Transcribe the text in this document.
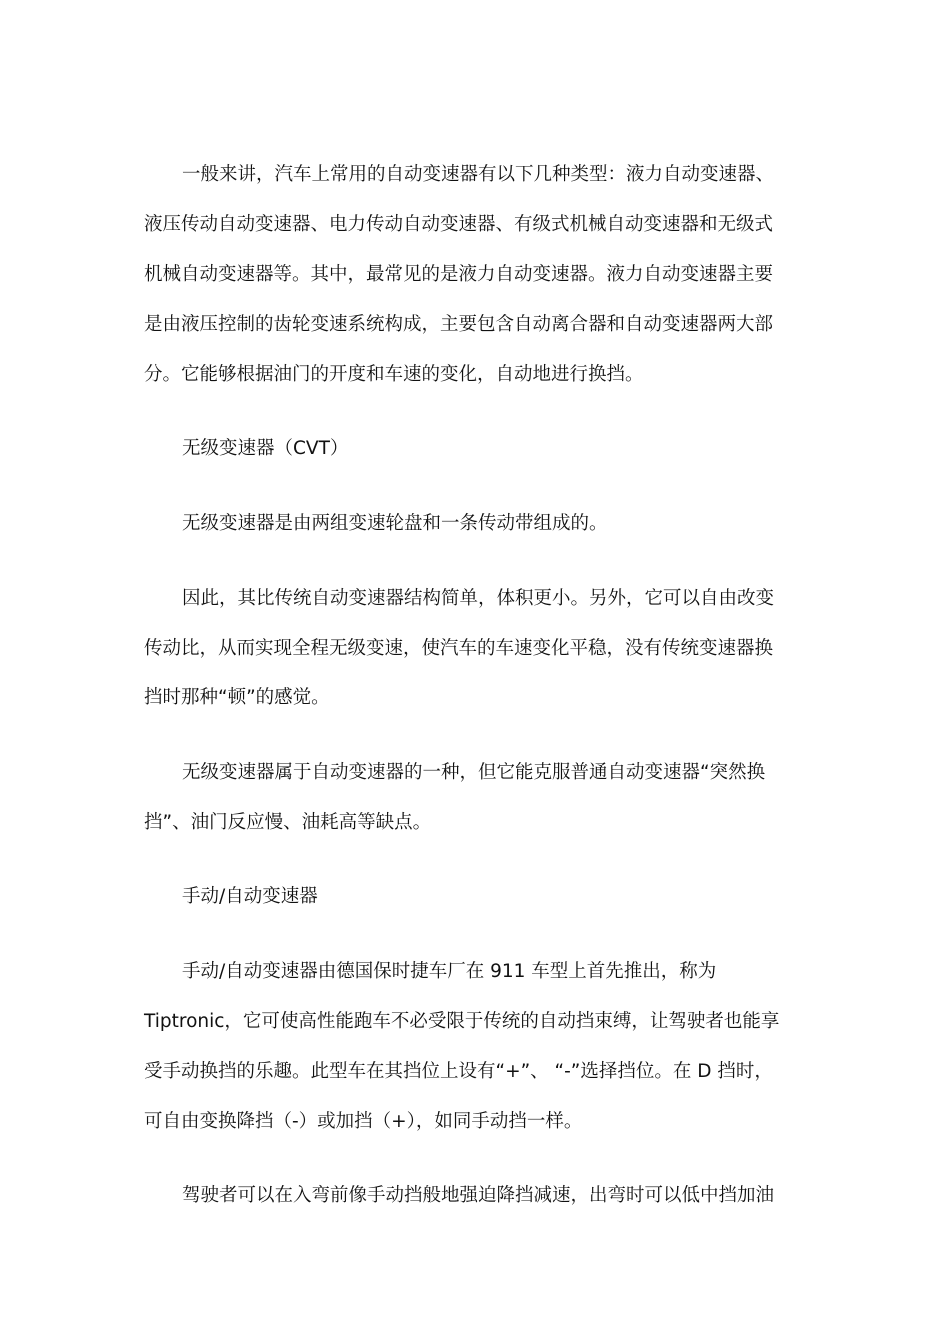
一般来讲，汽车上常用的自动变速器有以下几种类型：液力自动变速器、
液压传动自动变速器、电力传动自动变速器、有级式机械自动变速器和无级式
机械自动变速器等。其中，最常见的是液力自动变速器。液力自动变速器主要
是由液压控制的齿轮变速系统构成，主要包含自动离合器和自动变速器两大部
分。它能够根据油门的开度和车速的变化，自动地进行换挡。
无级变速器（CVT）
无级变速器是由两组变速轮盘和一条传动带组成的。
因此，其比传统自动变速器结构简单，体积更小。另外，它可以自由改变
传动比，从而实现全程无级变速，使汽车的车速变化平稳，没有传统变速器换
挡时那种“顿”的感觉。
无级变速器属于自动变速器的一种，但它能克服普通自动变速器“突然换
挡”、油门反应慢、油耗高等缺点。
手动/自动变速器
手动/自动变速器由德国保时捷车厂在 911 车型上首先推出，称为
Tiptronic，它可使高性能跑车不必受限于传统的自动挡束缚，让驾驶者也能享
受手动换挡的乐趣。此型车在其挡位上设有“+”、 “-”选择挡位。在 D 挡时，
可自由变换降挡（-）或加挡（+），如同手动挡一样。
驾驶者可以在入弯前像手动挡般地强迫降挡减速，出弯时可以低中挡加油
